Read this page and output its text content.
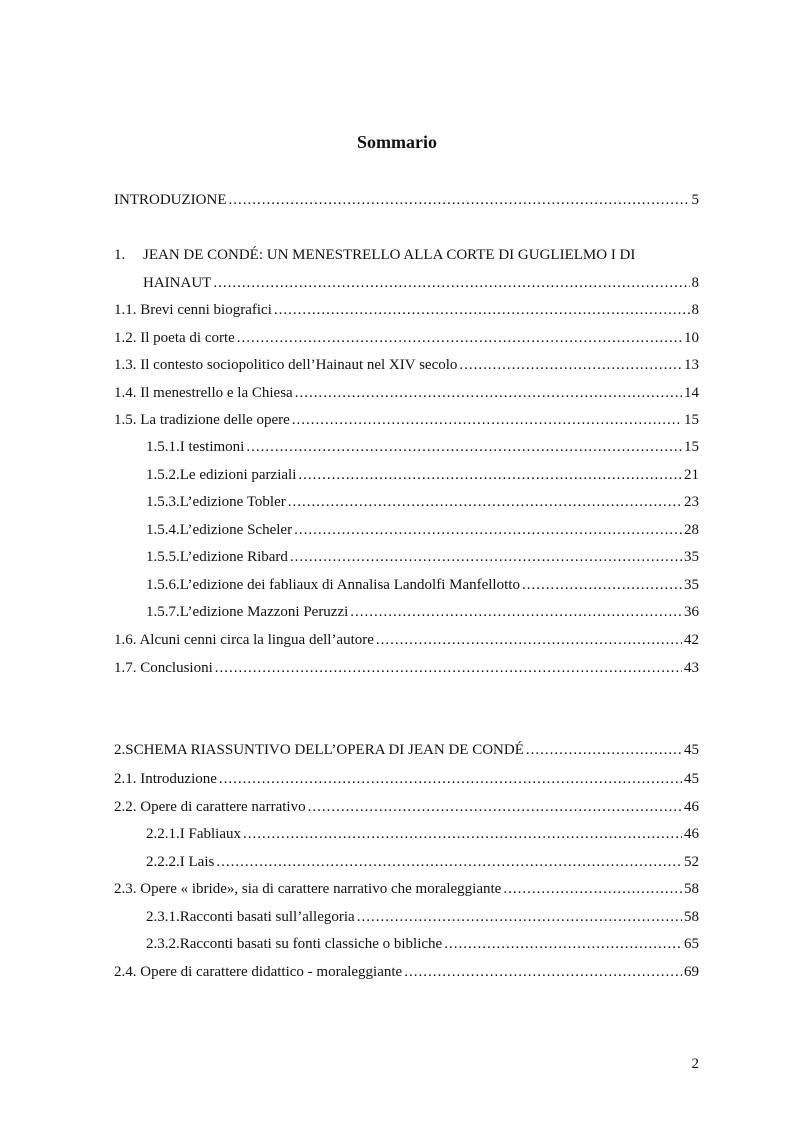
Sommario
INTRODUZIONE .....	5
1. JEAN DE CONDÉ: UN MENESTRELLO ALLA CORTE DI GUGLIELMO I DI
HAINAUT .....	8
1.1. Brevi cenni biografici .....	8
1.2. Il poeta di corte .....	10
1.3. Il contesto sociopolitico dell’Hainaut nel XIV secolo .....	13
1.4. Il menestrello e la Chiesa .....	14
1.5. La tradizione delle opere .....	15
1.5.1. I testimoni .....	15
1.5.2. Le edizioni parziali .....	21
1.5.3. L’edizione Tobler .....	23
1.5.4. L’edizione Scheler .....	28
1.5.5. L’edizione Ribard .....	35
1.5.6. L’edizione dei fabliaux di Annalisa Landolfi Manfellotto .....	35
1.5.7. L’edizione Mazzoni Peruzzi .....	36
1.6. Alcuni cenni circa la lingua dell’autore .....	42
1.7. Conclusioni .....	43
2. SCHEMA RIASSUNTIVO DELL’OPERA DI JEAN DE CONDÉ .....	45
2.1. Introduzione .....	45
2.2. Opere di carattere narrativo .....	46
2.2.1. I Fabliaux .....	46
2.2.2. I Lais .....	52
2.3. Opere « ibride», sia di carattere narrativo che moraleggiante .....	58
2.3.1. Racconti basati sull’allegoria .....	58
2.3.2. Racconti basati su fonti classiche o bibliche .....	65
2.4. Opere di carattere didattico - moraleggiante .....	69
2
